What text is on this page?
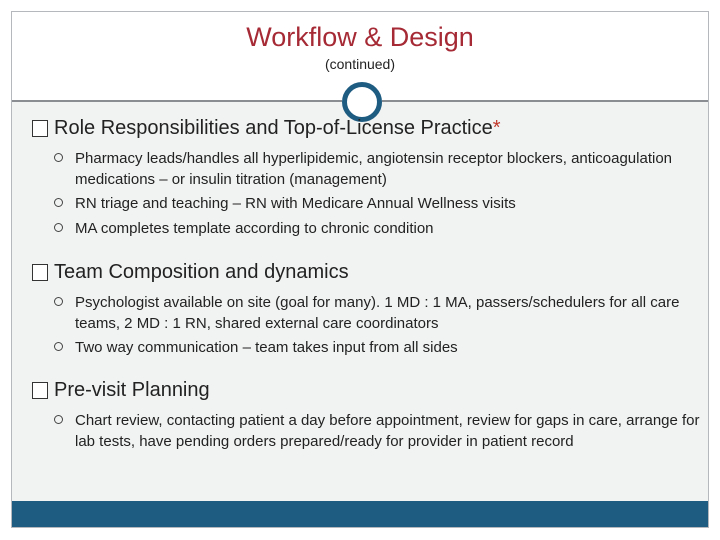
Workflow & Design
(continued)
Role Responsibilities and Top-of-License Practice *
Pharmacy leads/handles all hyperlipidemic, angiotensin receptor blockers, anticoagulation medications – or insulin titration (management)
RN triage and teaching – RN with Medicare Annual Wellness visits
MA completes template according to chronic condition
Team Composition and dynamics
Psychologist available on site (goal for many). 1 MD : 1 MA, passers/schedulers for all care teams, 2 MD : 1 RN, shared external care coordinators
Two way communication – team takes input from all sides
Pre-visit Planning
Chart review, contacting patient a day before appointment, review for gaps in care, arrange for lab tests, have pending orders prepared/ready for provider in patient record
